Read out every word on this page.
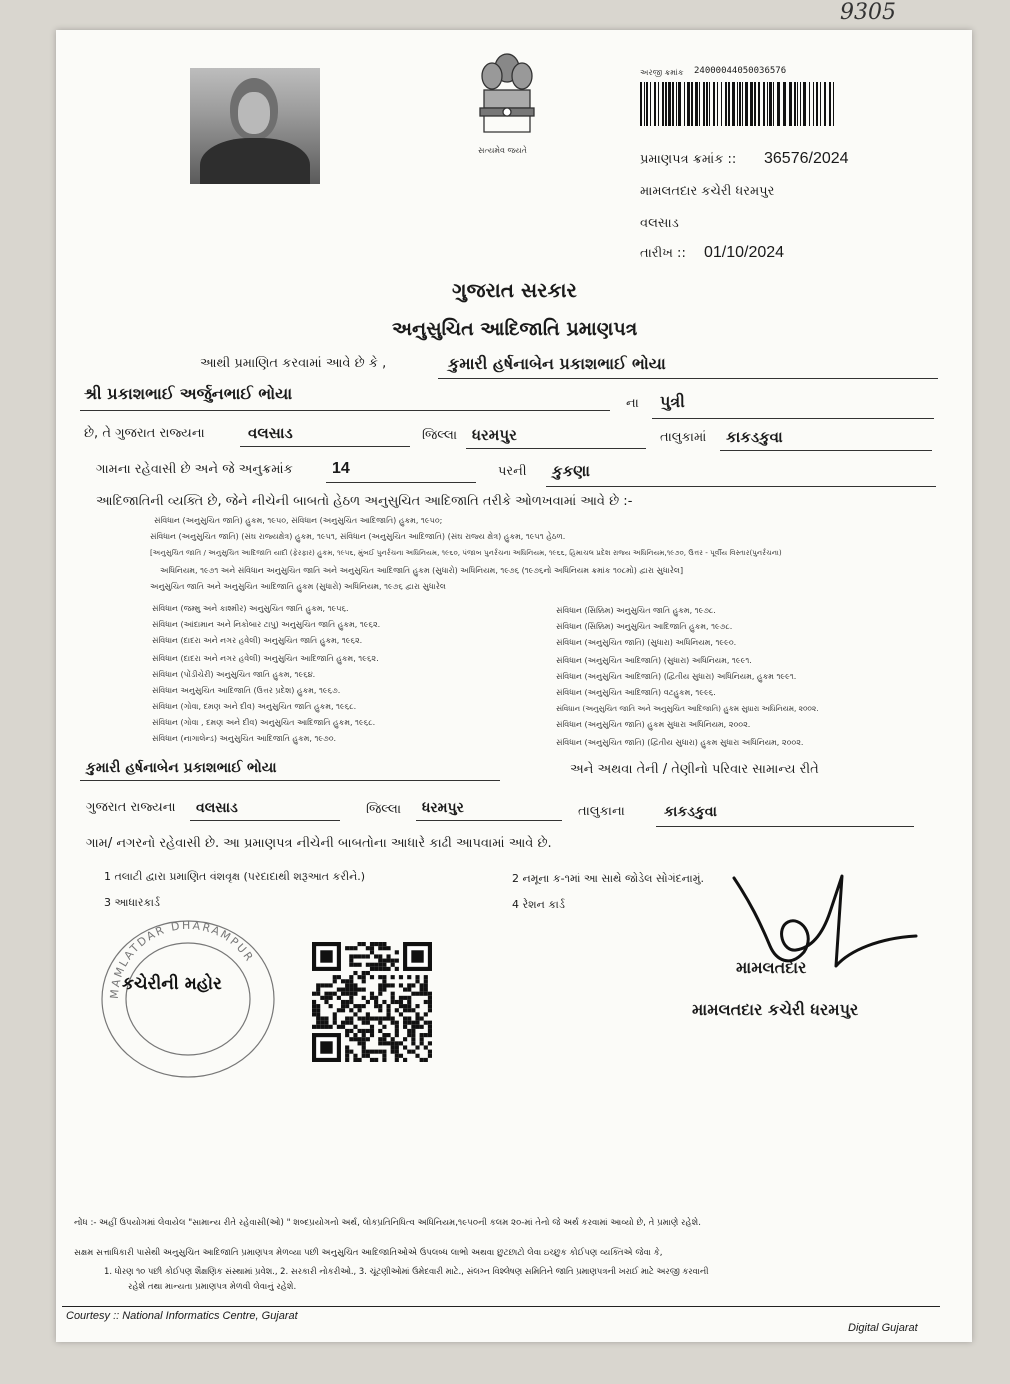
9305
સત્યમેવ જયતે
અરજી ક્રમાંક 24000044050036576
પ્રમાણપત્ર ક્રમાંક :: 36576/2024
મામલતદાર કચેરી ધરમપુર
વલસાડ
તારીખ :: 01/10/2024
ગુજરાત સરકાર
અનુસુચિત આદિજાતિ પ્રમાણપત્ર
આથી પ્રમાણિત કરવામાં આવે છે કે ,	કુમારી હર્ષનાબેન પ્રકાશભાઈ ભોયા
શ્રી પ્રકાશભાઈ અર્જુનભાઈ ભોયા
ના પુત્રી
છે, તે ગુજરાત રાજ્યના	વલસાડ	જિલ્લા ધરમપુર	તાલુકામાં કાકડકુવા
ગામના રહેવાસી છે અને જે અનુક્રમાંક 14	પરની કુકણા
આદિજાતિની વ્યક્તિ છે, જેને નીચેની બાબતો હેઠળ અનુસુચિત આદિજાતિ તરીકે ઓળખવામાં આવે છે :-
સંવિધાન (અનુસુચિત જાતિ) હુકમ, ૧૯૫૦, સંવિધાન (અનુસુચિત આદિજાતિ) હુકમ, ૧૯૫૦;
સંવિધાન (અનુસુચિત જાતિ) (સંઘ રાજ્યક્ષેત્ર) હુકમ, ૧૯૫૧, સંવિધાન (અનુસુચિત આદિજાતિ) (સંઘ રાજ્ય ક્ષેત્ર) હુકમ, ૧૯૫૧ હેઠળ.
[અનુસુચિત જાતિ / અનુસુચિત આદિજાતિ યાદી (ફેરફાર) હુકમ, ૧૯૫૬, મુંબઈ પુનર્રચના અધિનિયમ, ૧૯૬૦, પંજાબ પુનર્રચના અધિનિયમ, ૧૯૬૬, હિમાચલ પ્રદેશ રાજ્ય અધિનિયમ,૧૯૭૦, ઉત્તર - પૂર્વીય વિસ્તાર(પુનર્રચના)
અધિનિયમ, ૧૯૭૧ અને સંવિધાન અનુસુચિત જાતિ અને અનુસુચિત આદિજાતિ હુકમ (સુધારો) અધિનિયમ, ૧૯૭૬ (૧૯૭૬નો અધિનિયમ ક્રમાંક ૧૦૮મો) દ્વારા સુધારેલ]
અનુસુચિત જાતિ અને અનુસુચિત આદિજાતિ હુકમ (સુધારો) અધિનિયમ, ૧૯૭૬ દ્વારા સુધારેલ
સંવિધાન (જમ્મુ અને કાશ્મીર) અનુસુચિત જાતિ હુકમ, ૧૯૫૬.
સંવિધાન (આંદામાન અને નિકોબાર ટાપુ) અનુસુચિત જાતિ હુકમ, ૧૯૬૨.
સંવિધાન (દાદરા અને નગર હવેલી) અનુસુચિત જાતિ હુકમ, ૧૯૬૨.
સંવિધાન (દાદરા અને નગર હવેલી) અનુસુચિત આદિજાતિ હુકમ, ૧૯૬૨.
સંવિધાન (પોંડીચેરી) અનુસુચિત જાતિ હુકમ, ૧૯૬૪.
સંવિધાન અનુસુચિત આદિજાતિ (ઉત્તર પ્રદેશ) હુકમ, ૧૯૬૭.
સંવિધાન (ગોવા, દમણ અને દીવ) અનુસુચિત જાતિ હુકમ, ૧૯૬૮.
સંવિધાન (ગોવા , દમણ અને દીવ) અનુસુચિત આદિજાતિ હુકમ, ૧૯૬૮.
સંવિધાન (નાગાલેન્ડ) અનુસુચિત આદિજાતિ હુકમ, ૧૯૭૦.
સંવિધાન (સિક્કિમ) અનુસુચિત જાતિ હુકમ, ૧૯૭૮.
સંવિધાન (સિક્કિમ) અનુસુચિત આદિજાતિ હુકમ, ૧૯૭૮.
સંવિધાન (અનુસુચિત જાતિ) (સુધારા) અધિનિયમ, ૧૯૯૦.
સંવિધાન (અનુસુચિત આદિજાતિ) (સુધારા) અધિનિયમ, ૧૯૯૧.
સંવિધાન (અનુસુચિત આદિજાતિ) (દ્વિતીય સુધારા) અધિનિયમ, હુકમ ૧૯૯૧.
સંવિધાન (અનુસુચિત આદિજાતિ) વટહુકમ, ૧૯૯૬.
સંવિધાન (અનુસુચિત જાતિ અને અનુસુચિત આદિજાતિ) હુકમ સુધારા અધિનિયમ, ૨૦૦૨.
સંવિધાન (અનુસુચિત જાતિ) હુકમ સુધારા અધિનિયમ, ૨૦૦૨.
સંવિધાન (અનુસુચિત જાતિ) (દ્વિતીય સુધારા) હુકમ સુધારા અધિનિયમ, ૨૦૦૨.
કુમારી હર્ષનાબેન પ્રકાશભાઈ ભોયા	અને અથવા તેની / તેણીનો પરિવાર સામાન્ય રીતે
ગુજરાત રાજ્યના વલસાડ	જિલ્લા ધરમપુર	તાલુકાના	કાકડકુવા
ગામ/ નગરનો રહેવાસી છે. આ પ્રમાણપત્ર નીચેની બાબતોના આધારે કાઢી આપવામાં આવે છે.
1 તલાટી દ્વારા પ્રમાણિત વંશવૃક્ષ (પરદાદાથી શરૂઆત કરીને.)	2 નમૂના ક-૧માં આ સાથે જોડેલ સોગંદનામું.
3 આધારકાર્ડ	4 રેશન કાર્ડ
MAMLATDAR DHARAMPUR
કચેરીની મહોર
મામલતદાર
મામલતદાર કચેરી ધરમપુર
નોંધ :- અહીં ઉપયોગમાં લેવાયેલ "સામાન્ય રીતે રહેવાસી(ઓ) " શબ્દપ્રયોગનો અર્થ, લોકપ્રતિનિધિત્વ અધિનિયમ,૧૯૫૦ની કલમ ૨૦-માં તેનો જે અર્થ કરવામાં આવ્યો છે, તે પ્રમાણે રહેશે.
સક્ષમ સત્તાધિકારી પાસેથી અનુસુચિત આદિજાતિ પ્રમાણપત્ર મેળવ્યા પછી અનુસુચિત આદિજાતિઓએ ઉપલબ્ધ લાભો અથવા છુટછાટો લેવા ઇચ્છુક કોઈપણ વ્યક્તિએ જેવા કે,
1. ધોરણ ૧૦ પછી કોઈપણ શૈક્ષણિક સંસ્થામાં પ્રવેશ., 2. સરકારી નોકરીઓ., 3. ચૂંટણીઓમાં ઉમેદવારી માટે., સંલગ્ન વિશ્લેષણ સમિતિને જાતિ પ્રમાણપત્રની ખરાઈ માટે અરજી કરવાની
રહેશે તથા માન્યતા પ્રમાણપત્ર મેળવી લેવાનું રહેશે.
Courtesy :: National Informatics Centre, Gujarat
Digital Gujarat
